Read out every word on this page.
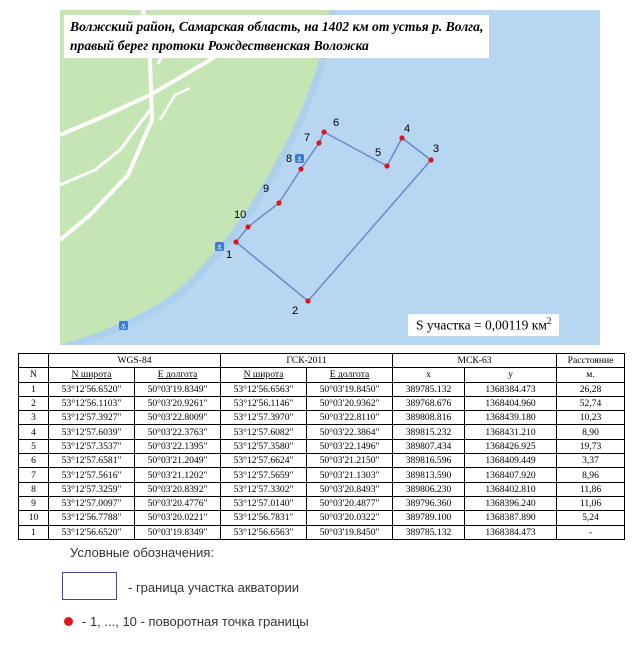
⚓
⚓
⚓
1
2
3
4
5
6
7
8
9
10
Волжский район, Самарская область, на 1402 км от устья р. Волга,
правый берег протоки Рождественская Воложка
S участка = 0,00119 $км^2$
	WGS-84		ГСК-2011		МСК-63		Расстояние
N	N широта	Е долгота	N широта	Е долгота	x	y	м.
1	53°12'56.6520"	50°03'19.8349"	53°12'56.6563"	50°03'19.8450"	389785.132	1368384.473	26,28
2	53°12'56.1103"	50°03'20.9261"	53°12'56.1146"	50°03'20.9362"	389768.676	1368404.960	52,74
3	53°12'57.3927"	50°03'22.8009"	53°12'57.3970"	50°03'22.8110"	389808.816	1368439.180	10,23
4	53°12'57.6039"	50°03'22.3763"	53°12'57.6082"	50°03'22.3864"	389815.232	1368431.210	8,90
5	53°12'57.3537"	50°03'22.1395"	53°12'57.3580"	50°03'22.1496"	389807.434	1368426.925	19,73
6	53°12'57.6581"	50°03'21.2049"	53°12'57.6624"	50°03'21.2150"	389816.596	1368409.449	3,37
7	53°12'57.5616"	50°03'21.1202"	53°12'57.5659"	50°03'21.1303"	389813.590	1368407.920	8,96
8	53°12'57.3259"	50°03'20.8392"	53°12'57.3302"	50°03'20.8493"	389806.230	1368402.810	11,86
9	53°12'57.0097"	50°03'20.4776"	53°12'57.0140"	50°03'20.4877"	389796.360	1368396.240	11,06
10	53°12'56.7788"	50°03'20.0221"	53°12'56.7831"	50°03'20.0322"	389789.100	1368387.890	5,24
1	53°12'56.6520"	50°03'19.8349"	53°12'56.6563"	50°03'19.8450"	389785.132	1368384.473	-
Условные обозначения:
- граница участка акватории
- 1, ..., 10 - поворотная точка границы
